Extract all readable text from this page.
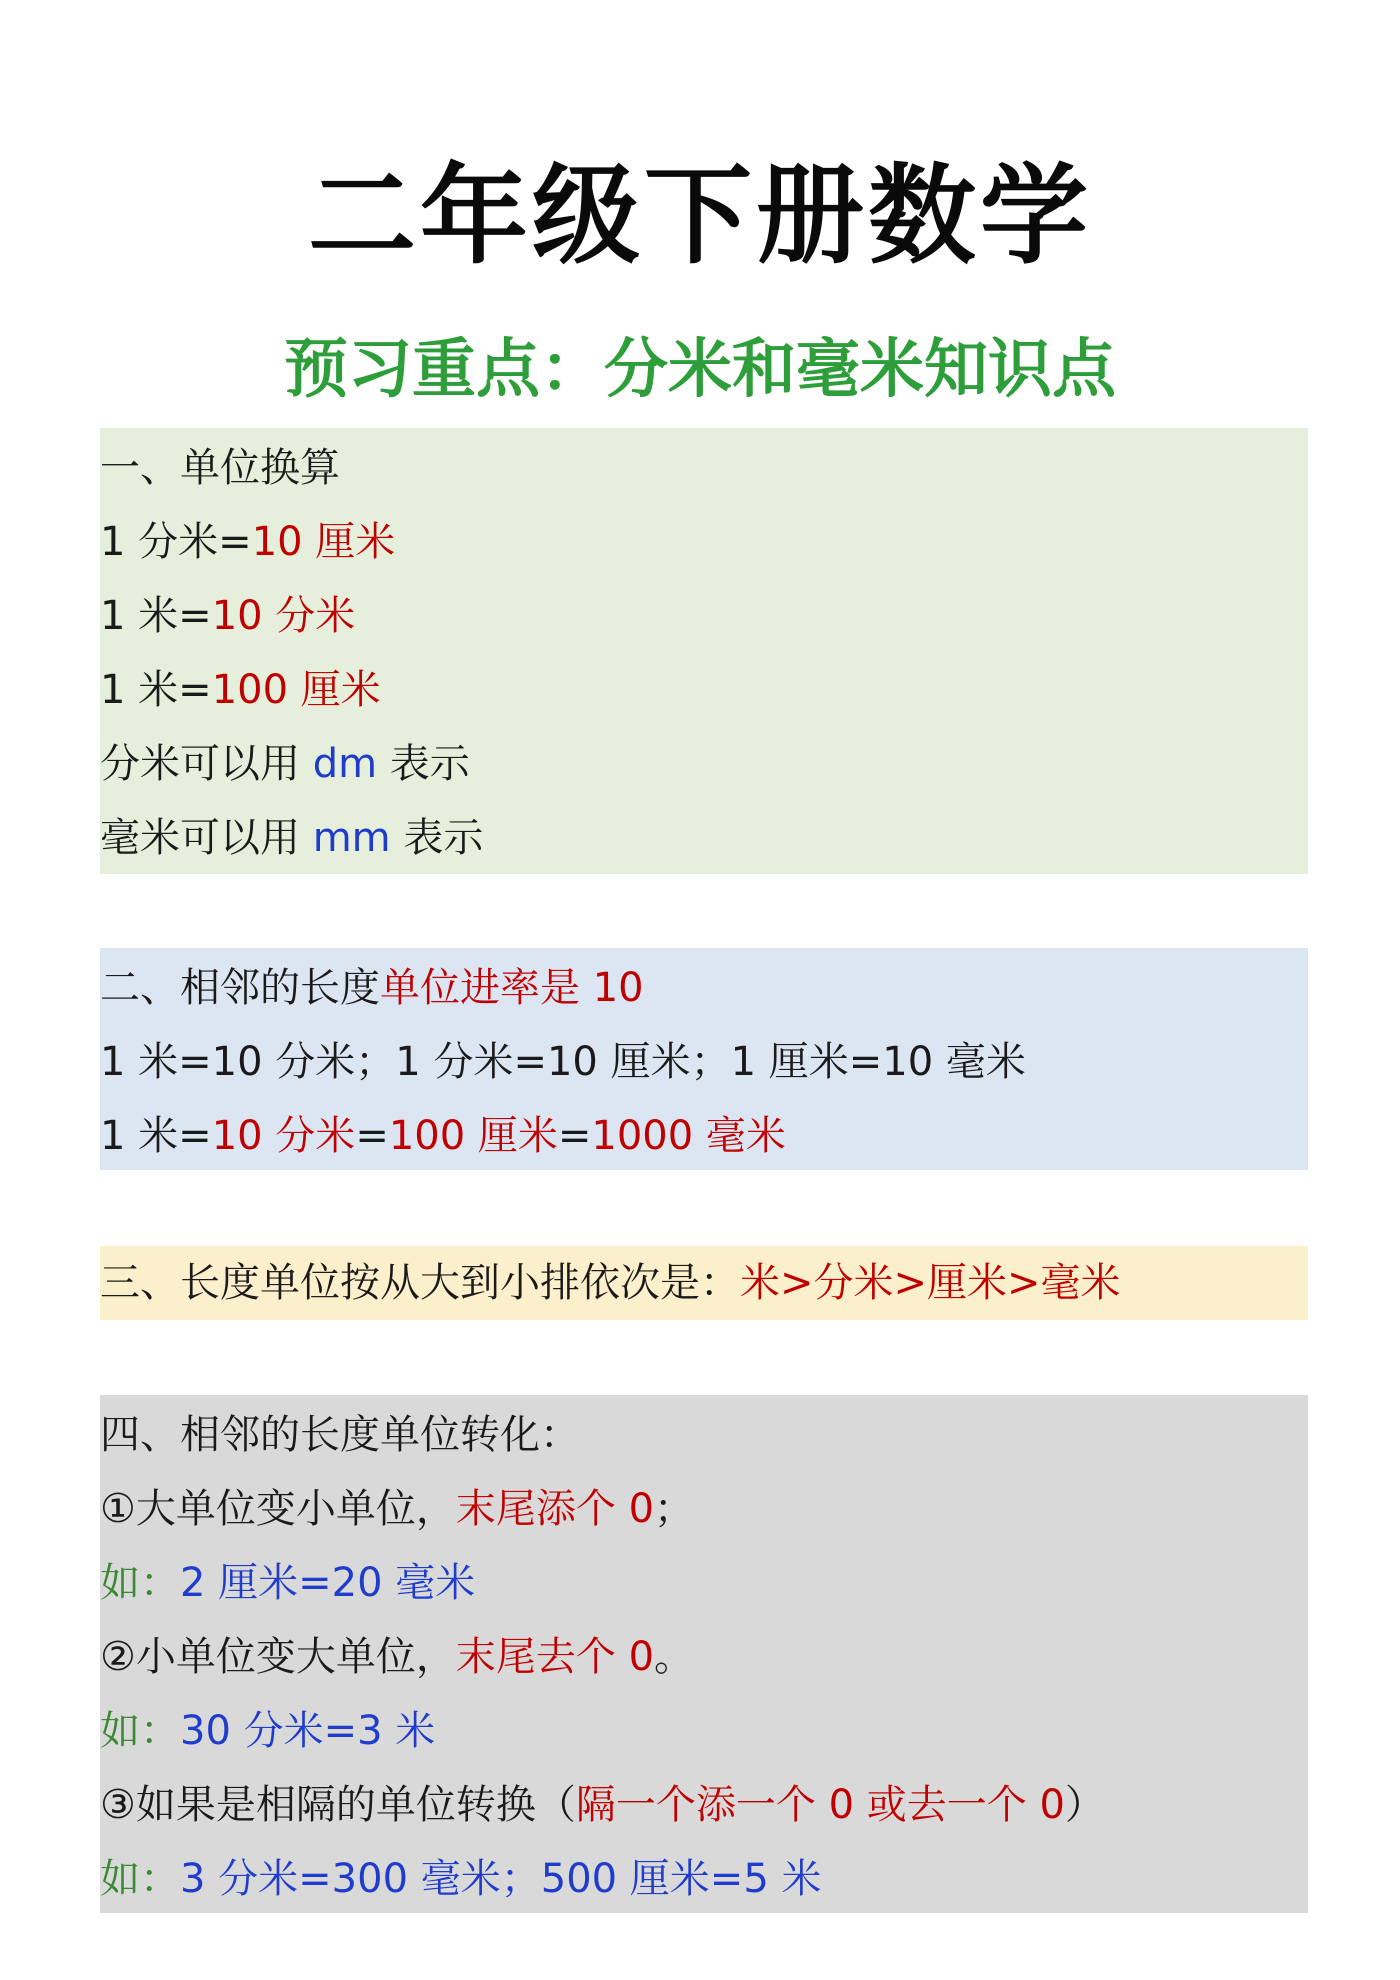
二年级下册数学
预习重点：分米和毫米知识点
一、单位换算
1 分米=10 厘米
1 米=10 分米
1 米=100 厘米
分米可以用 dm 表示
毫米可以用 mm 表示
二、相邻的长度单位进率是 10
1 米=10 分米；1 分米=10 厘米；1 厘米=10 毫米
1 米=10 分米=100 厘米=1000 毫米
三、长度单位按从大到小排依次是：米>分米>厘米>毫米
四、相邻的长度单位转化：
①大单位变小单位，末尾添个 0；
如：2 厘米=20 毫米
②小单位变大单位，末尾去个 0。
如：30 分米=3 米
③如果是相隔的单位转换（隔一个添一个 0 或去一个 0）
如：3 分米=300 毫米；500 厘米=5 米
